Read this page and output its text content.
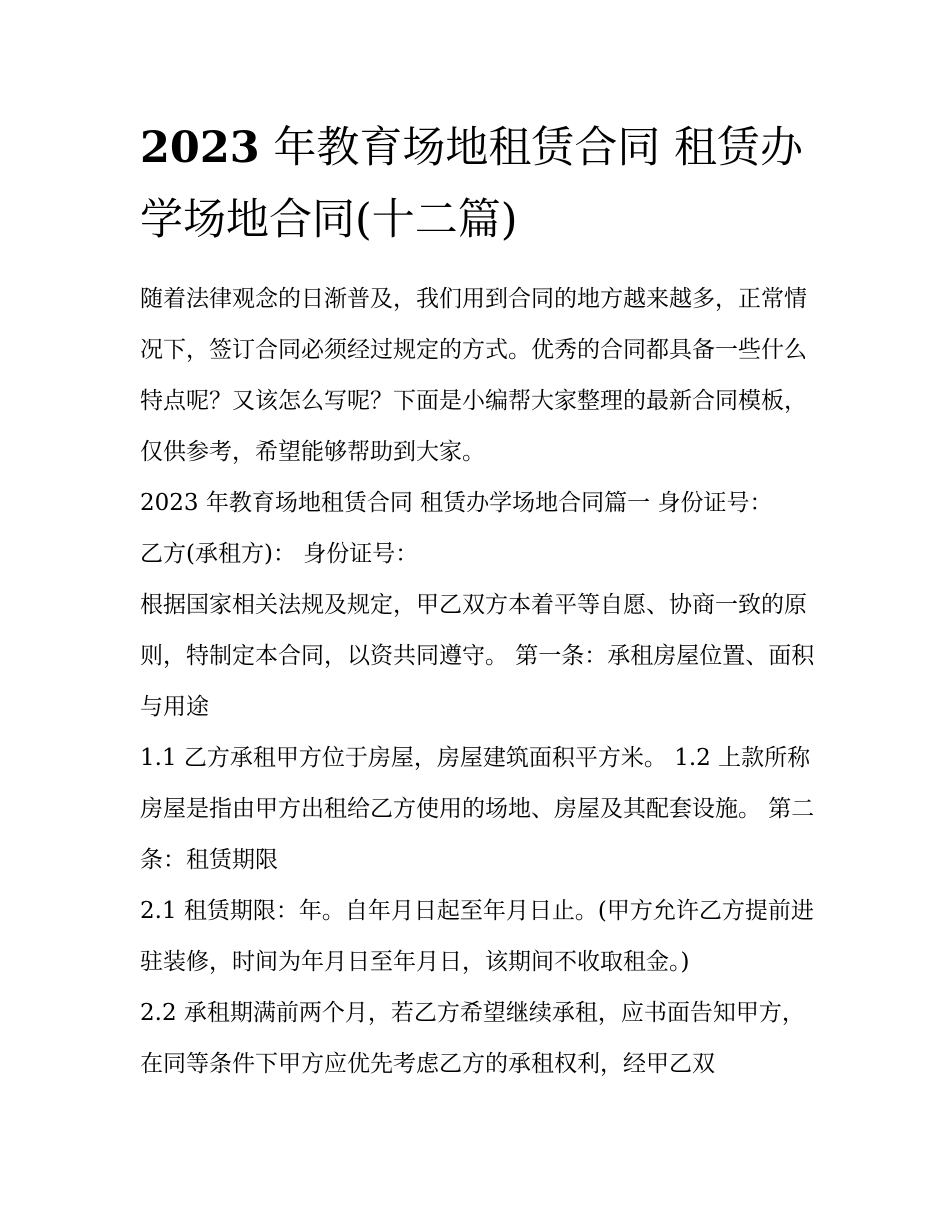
2023 年教育场地租赁合同 租赁办学场地合同(十二篇)

随着法律观念的日渐普及，我们用到合同的地方越来越多，正常情况下，签订合同必须经过规定的方式。优秀的合同都具备一些什么特点呢？又该怎么写呢？下面是小编帮大家整理的最新合同模板，仅供参考，希望能够帮助到大家。

2023 年教育场地租赁合同 租赁办学场地合同篇一 身份证号：

乙方(承租方)： 身份证号：

根据国家相关法规及规定，甲乙双方本着平等自愿、协商一致的原则，特制定本合同，以资共同遵守。 第一条：承租房屋位置、面积与用途

1.1 乙方承租甲方位于房屋，房屋建筑面积平方米。 1.2 上款所称房屋是指由甲方出租给乙方使用的场地、房屋及其配套设施。 第二条：租赁期限

2.1 租赁期限：年。自年月日起至年月日止。(甲方允许乙方提前进驻装修，时间为年月日至年月日，该期间不收取租金。)

2.2 承租期满前两个月，若乙方希望继续承租，应书面告知甲方，在同等条件下甲方应优先考虑乙方的承租权利，经甲乙双
